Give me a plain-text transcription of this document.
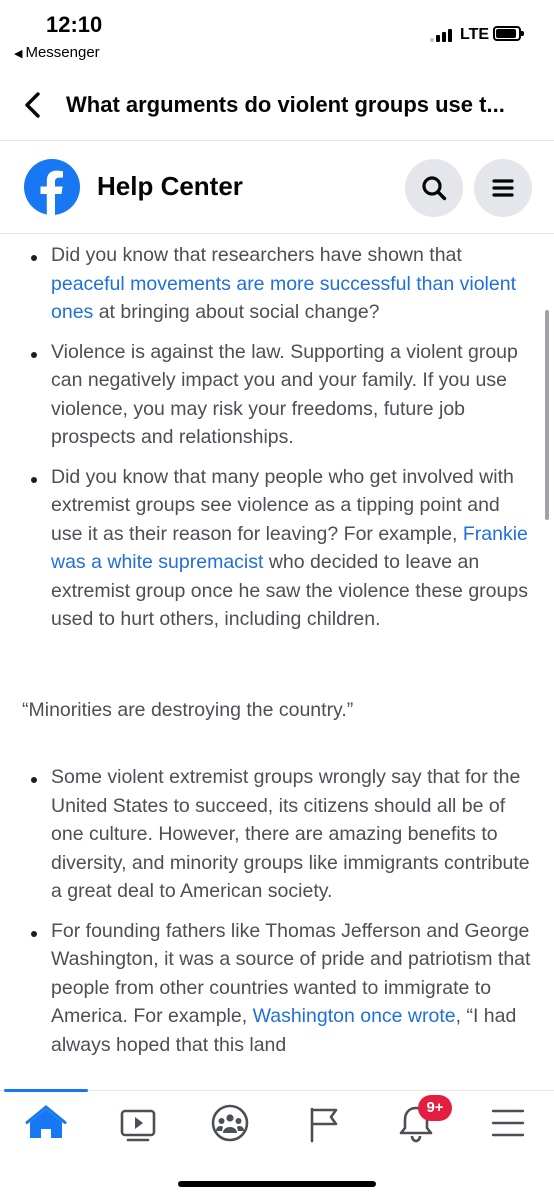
12:10
◀ Messenger
LTE
What arguments do violent groups use t...
Help Center
Did you know that researchers have shown that peaceful movements are more successful than violent ones at bringing about social change?
Violence is against the law. Supporting a violent group can negatively impact you and your family. If you use violence, you may risk your freedoms, future job prospects and relationships.
Did you know that many people who get involved with extremist groups see violence as a tipping point and use it as their reason for leaving? For example, Frankie was a white supremacist who decided to leave an extremist group once he saw the violence these groups used to hurt others, including children.
“Minorities are destroying the country.”
Some violent extremist groups wrongly say that for the United States to succeed, its citizens should all be of one culture. However, there are amazing benefits to diversity, and minority groups like immigrants contribute a great deal to American society.
For founding fathers like Thomas Jefferson and George Washington, it was a source of pride and patriotism that people from other countries wanted to immigrate to America. For example, Washington once wrote, “I had always hoped that this land
9+
